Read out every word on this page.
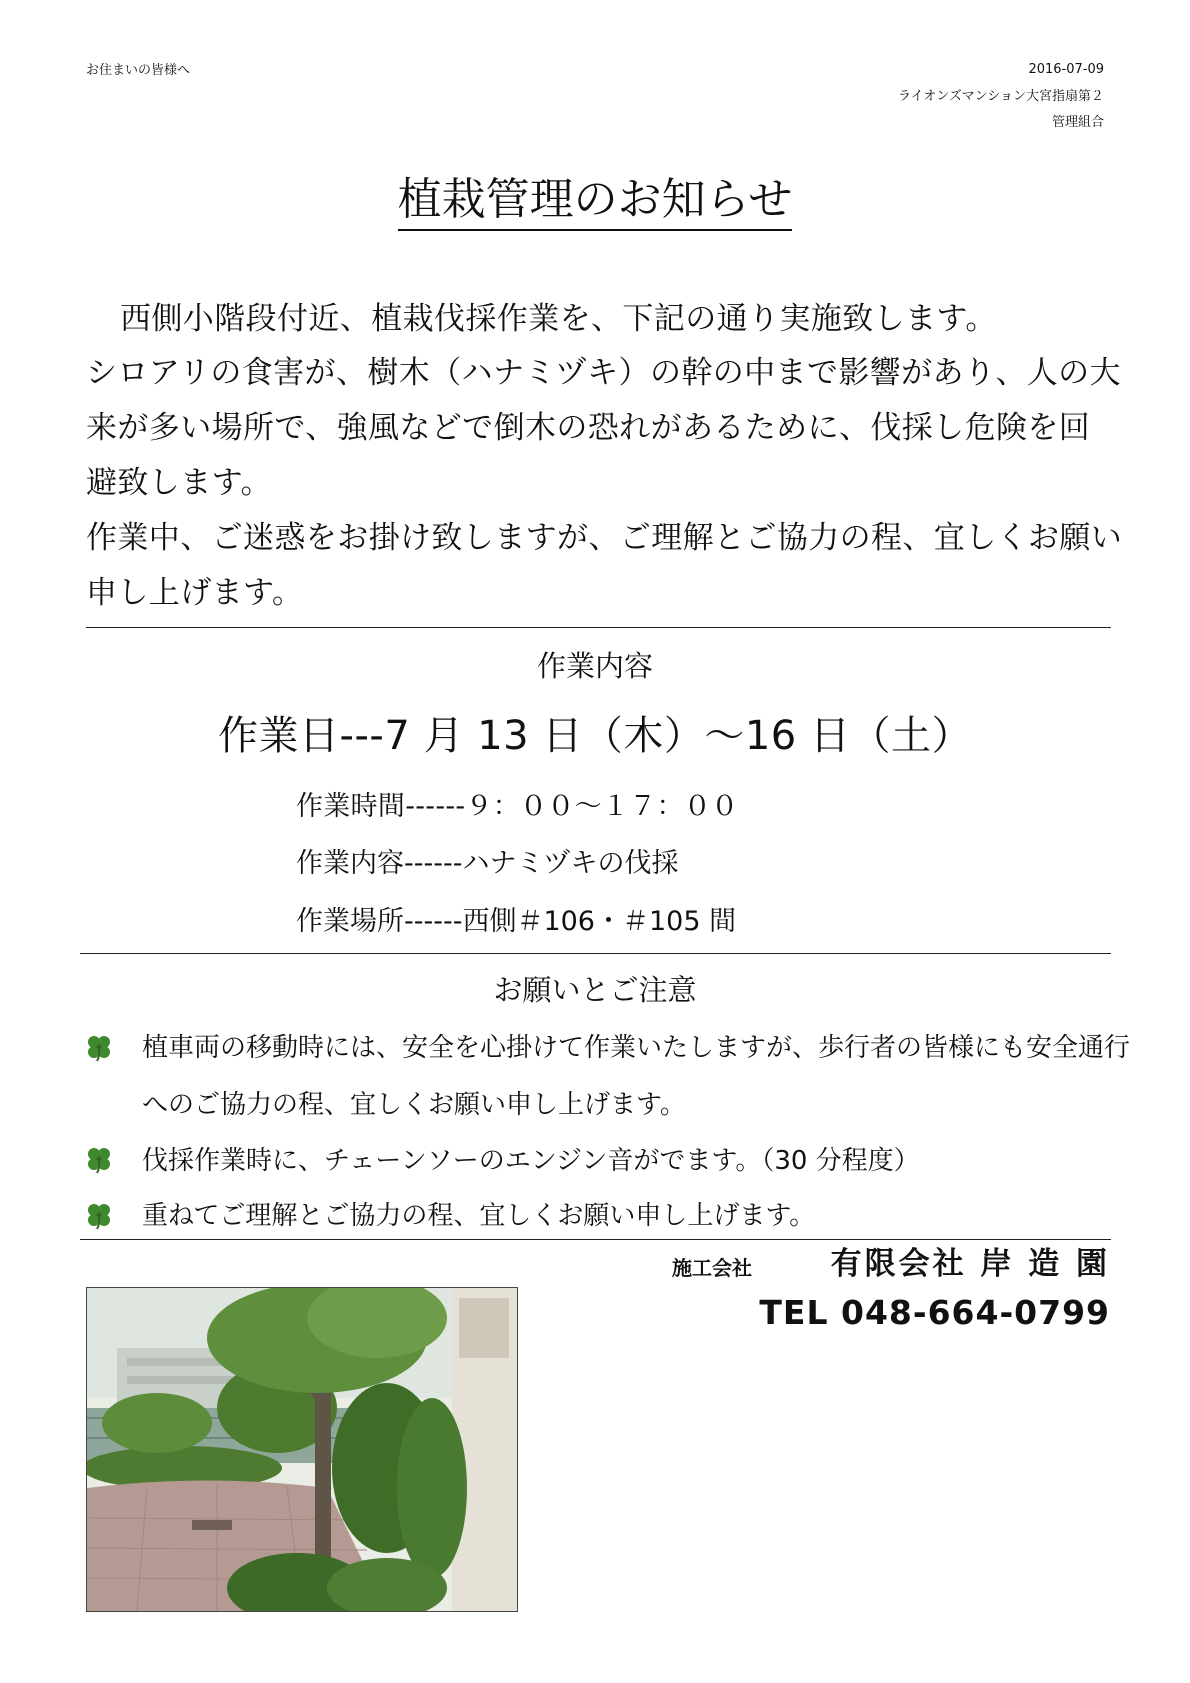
お住まいの皆様へ	2016-07-09
ライオンズマンション大宮指扇第２
管理組合
植栽管理のお知らせ
西側小階段付近、植栽伐採作業を、下記の通り実施致します。
シロアリの食害が、樹木（ハナミヅキ）の幹の中まで影響があり、人の大
来が多い場所で、強風などで倒木の恐れがあるために、伐採し危険を回
避致します。
作業中、ご迷惑をお掛け致しますが、ご理解とご協力の程、宜しくお願い
申し上げます。
作業内容
作業日---7 月 13 日（木）～16 日（土）
作業時間------９：００～１７：００
作業内容------ハナミヅキの伐採
作業場所------西側＃106・＃105 間
お願いとご注意
植車両の移動時には、安全を心掛けて作業いたしますが、歩行者の皆様にも安全通行
へのご協力の程、宜しくお願い申し上げます。
伐採作業時に、チェーンソーのエンジン音がでます。（30 分程度）
重ねてご理解とご協力の程、宜しくお願い申し上げます。
施工会社	有限会社 岸 造 園
TEL 048-664-0799
